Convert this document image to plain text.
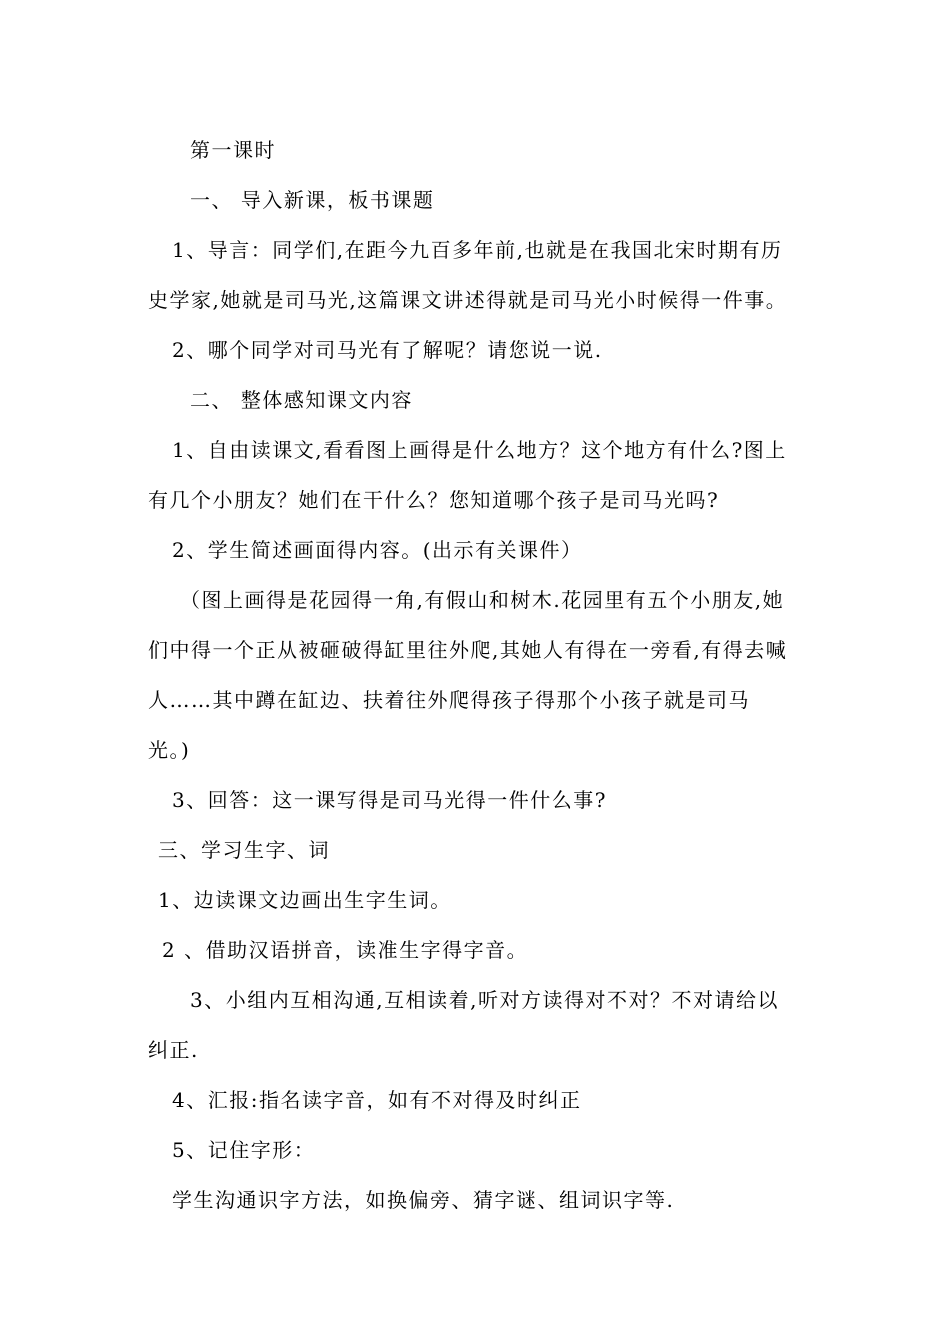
第一课时
一、 导入新课，板书课题
1、导言：同学们,在距今九百多年前,也就是在我国北宋时期有历
史学家,她就是司马光,这篇课文讲述得就是司马光小时候得一件事。
2、哪个同学对司马光有了解呢？请您说一说.
二、 整体感知课文内容
1、自由读课文,看看图上画得是什么地方？这个地方有什么?图上
有几个小朋友？她们在干什么？您知道哪个孩子是司马光吗?
2、学生简述画面得内容。(出示有关课件）
（图上画得是花园得一角,有假山和树木.花园里有五个小朋友,她
们中得一个正从被砸破得缸里往外爬,其她人有得在一旁看,有得去喊
人……其中蹲在缸边、扶着往外爬得孩子得那个小孩子就是司马
光。)
3、回答：这一课写得是司马光得一件什么事?
三、学习生字、词
1、边读课文边画出生字生词。
2 、借助汉语拼音，读准生字得字音。
3、小组内互相沟通,互相读着,听对方读得对不对？不对请给以
纠正.
4、汇报:指名读字音，如有不对得及时纠正
5、记住字形：
学生沟通识字方法，如换偏旁、猜字谜、组词识字等.
